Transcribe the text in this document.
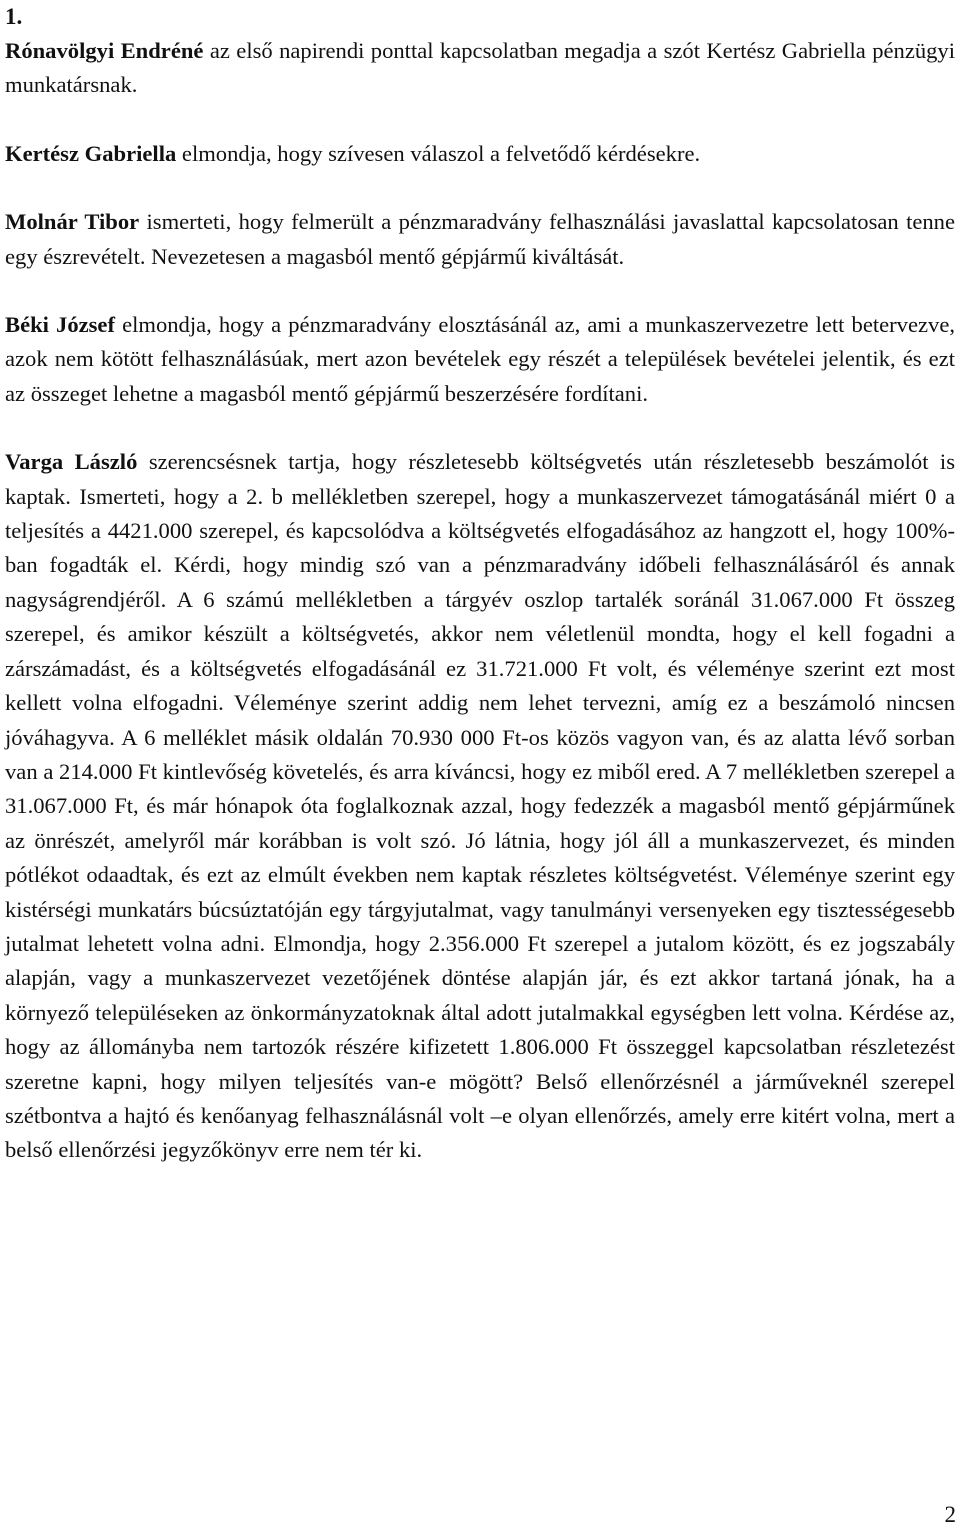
1.

Rónavölgyi Endréné az első napirendi ponttal kapcsolatban megadja a szót Kertész Gabriella pénzügyi munkatársnak.

Kertész Gabriella elmondja, hogy szívesen válaszol a felvetődő kérdésekre.

Molnár Tibor ismerteti, hogy felmerült a pénzmaradvány felhasználási javaslattal kapcsolatosan tenne egy észrevételt. Nevezetesen a magasból mentő gépjármű kiváltását.

Béki József elmondja, hogy a pénzmaradvány elosztásánál az, ami a munkaszervezetre lett betervezve, azok nem kötött felhasználásúak, mert azon bevételek egy részét a települések bevételei jelentik, és ezt az összeget lehetne a magasból mentő gépjármű beszerzésére fordítani.

Varga László szerencsésnek tartja, hogy részletesebb költségvetés után részletesebb beszámolót is kaptak. Ismerteti, hogy a 2. b mellékletben szerepel, hogy a munkaszervezet támogatásánál miért 0 a teljesítés a 4421.000 szerepel, és kapcsolódva a költségvetés elfogadásához az hangzott el, hogy 100%-ban fogadták el. Kérdi, hogy mindig szó van a pénzmaradvány időbeli felhasználásáról és annak nagyságrendjéről. A 6 számú mellékletben a tárgyév oszlop tartalék soránál 31.067.000 Ft összeg szerepel, és amikor készült a költségvetés, akkor nem véletlenül mondta, hogy el kell fogadni a zárszámadást, és a költségvetés elfogadásánál ez 31.721.000 Ft volt, és véleménye szerint ezt most kellett volna elfogadni. Véleménye szerint addig nem lehet tervezni, amíg ez a beszámoló nincsen jóváhagyva. A 6 melléklet másik oldalán 70.930 000 Ft-os közös vagyon van, és az alatta lévő sorban van a 214.000 Ft kintlevőség követelés, és arra kíváncsi, hogy ez miből ered. A 7 mellékletben szerepel a 31.067.000 Ft, és már hónapok óta foglalkoznak azzal, hogy fedezzék a magasból mentő gépjárműnek az önrészét, amelyről már korábban is volt szó. Jó látnia, hogy jól áll a munkaszervezet, és minden pótlékot odaadtak, és ezt az elmúlt években nem kaptak részletes költségvetést. Véleménye szerint egy kistérségi munkatárs búcsúztatóján egy tárgyjutalmat, vagy tanulmányi versenyeken egy tisztességesebb jutalmat lehetett volna adni. Elmondja, hogy 2.356.000 Ft szerepel a jutalom között, és ez jogszabály alapján, vagy a munkaszervezet vezetőjének döntése alapján jár, és ezt akkor tartaná jónak, ha a környező településeken az önkormányzatoknak által adott jutalmakkal egységben lett volna. Kérdése az, hogy az állományba nem tartozók részére kifizetett 1.806.000 Ft összeggel kapcsolatban részletezést szeretne kapni, hogy milyen teljesítés van-e mögött? Belső ellenőrzésnél a járműveknél szerepel szétbontva a hajtó és kenőanyag felhasználásnál volt –e olyan ellenőrzés, amely erre kitért volna, mert a belső ellenőrzési jegyzőkönyv erre nem tér ki.

2
